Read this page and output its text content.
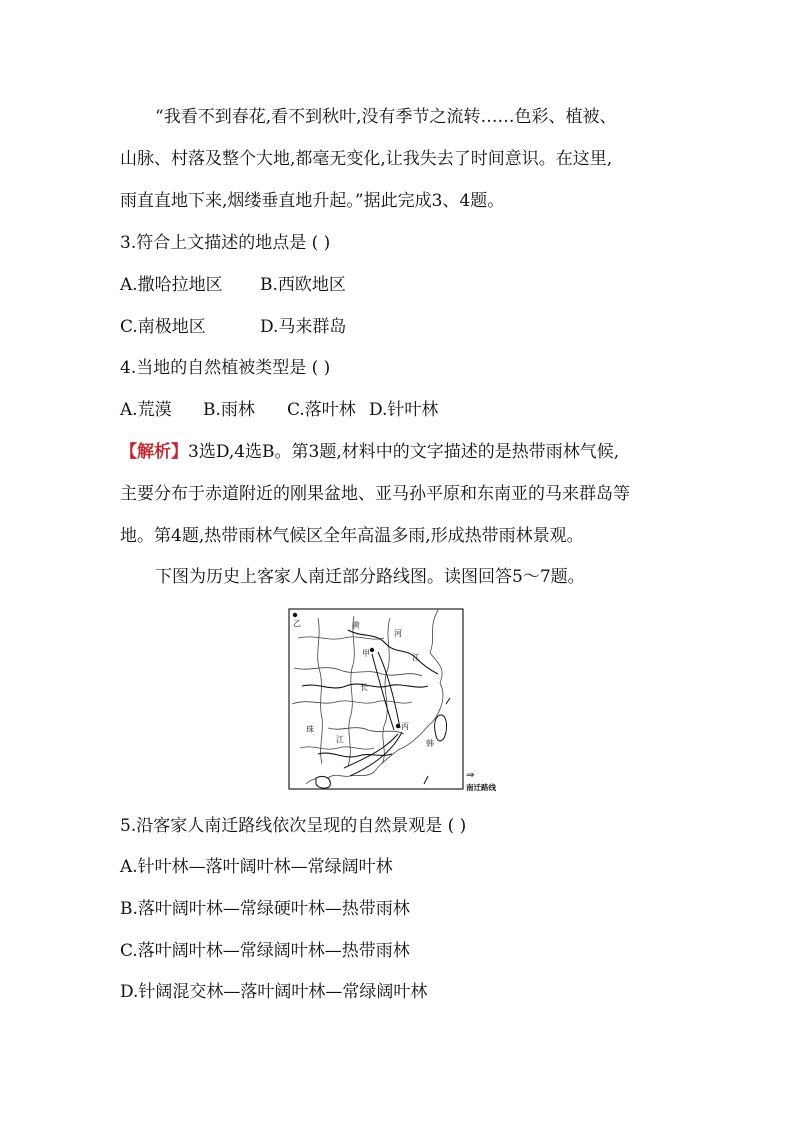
“我看不到春花,看不到秋叶,没有季节之流转……色彩、植被、
山脉、村落及整个大地,都毫无变化,让我失去了时间意识。在这里,
雨直直地下来,烟缕垂直地升起。”据此完成3、4题。
3.符合上文描述的地点是 ( )
A.撒哈拉地区 B.西欧地区
C.南极地区	D.马来群岛
4.当地的自然植被类型是 ( )
A.荒漠 B.雨林 C.落叶林 D.针叶林
【解析】3选D,4选B。第3题,材料中的文字描述的是热带雨林气候,
主要分布于赤道附近的刚果盆地、亚马孙平原和东南亚的马来群岛等
地。第4题,热带雨林气候区全年高温多雨,形成热带雨林景观。
下图为历史上客家人南迁部分路线图。读图回答5～7题。
乙	黄
河
甲	江
长
珠
江
丙
韩
⇒
南迁路线
5.沿客家人南迁路线依次呈现的自然景观是 ( )
A.针叶林—落叶阔叶林—常绿阔叶林
B.落叶阔叶林—常绿硬叶林—热带雨林
C.落叶阔叶林—常绿阔叶林—热带雨林
D.针阔混交林—落叶阔叶林—常绿阔叶林
